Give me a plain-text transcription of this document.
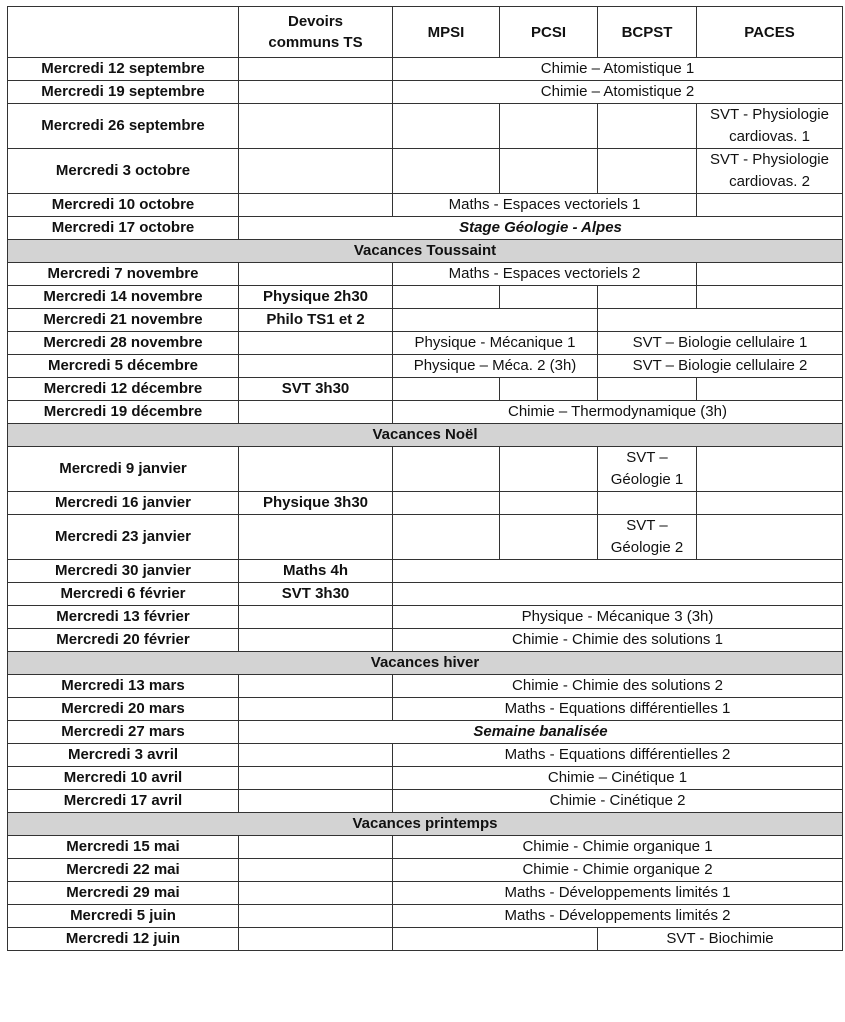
	Devoirs
communs TS	MPSI	PCSI	BCPST	PACES
Mercredi 12 septembre		Chimie – Atomistique 1			
Mercredi 19 septembre		Chimie – Atomistique 2			
Mercredi 26 septembre					SVT - Physiologie
cardiovas. 1
Mercredi 3 octobre					SVT - Physiologie
cardiovas. 2
Mercredi 10 octobre		Maths - Espaces vectoriels 1			
Mercredi 17 octobre	Stage Géologie - Alpes				
Vacances Toussaint					
Mercredi 7 novembre		Maths - Espaces vectoriels 2			
Mercredi 14 novembre	Physique 2h30				
Mercredi 21 novembre	Philo TS1 et 2				
Mercredi 28 novembre		Physique - Mécanique 1		SVT – Biologie cellulaire 1	
Mercredi 5 décembre		Physique – Méca. 2 (3h)		SVT – Biologie cellulaire 2	
Mercredi 12 décembre	SVT 3h30				
Mercredi 19 décembre		Chimie – Thermodynamique (3h)			
Vacances Noël					
Mercredi 9 janvier				SVT –
Géologie 1	
Mercredi 16 janvier	Physique 3h30				
Mercredi 23 janvier				SVT –
Géologie 2	
Mercredi 30 janvier	Maths 4h				
Mercredi 6 février	SVT 3h30				
Mercredi 13 février		Physique - Mécanique 3 (3h)			
Mercredi 20 février		Chimie - Chimie des solutions 1			
Vacances hiver					
Mercredi 13 mars		Chimie - Chimie des solutions 2			
Mercredi 20 mars		Maths - Equations différentielles 1			
Mercredi 27 mars	Semaine banalisée				
Mercredi 3 avril		Maths - Equations différentielles 2			
Mercredi 10 avril		Chimie – Cinétique 1			
Mercredi 17 avril		Chimie - Cinétique 2			
Vacances printemps					
Mercredi 15 mai		Chimie - Chimie organique 1			
Mercredi 22 mai		Chimie - Chimie organique 2			
Mercredi 29 mai		Maths - Développements limités 1			
Mercredi 5 juin		Maths - Développements limités 2			
Mercredi 12 juin				SVT - Biochimie	
